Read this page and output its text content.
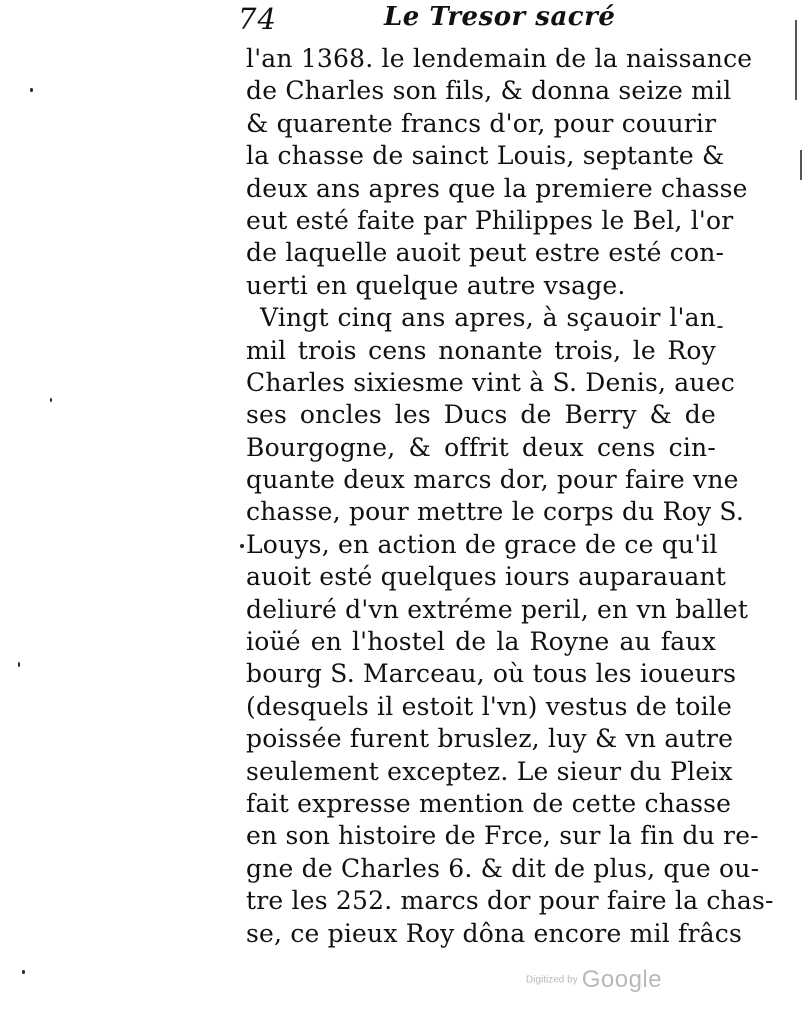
74	Le Tresor sacré
l'an 1368. le lendemain de la naissance
de Charles son fils, & donna seize mil
& quarente francs d'or, pour couurir
la chasse de sainct Louis, septante &
deux ans apres que la premiere chasse
eut esté faite par Philippes le Bel, l'or
de laquelle auoit peut estre esté con-
uerti en quelque autre vsage.
Vingt cinq ans apres, à sçauoir l'an
mil trois cens nonante trois, le Roy
Charles sixiesme vint à S. Denis, auec
ses oncles les Ducs de Berry & de
Bourgogne, & offrit deux cens cin-
quante deux marcs dor, pour faire vne
chasse, pour mettre le corps du Roy S.
Louys, en action de grace de ce qu'il
auoit esté quelques iours auparauant
deliuré d'vn extréme peril, en vn ballet
ioüé en l'hostel de la Royne au faux
bourg S. Marceau, où tous les ioueurs
(desquels il estoit l'vn) vestus de toile
poissée furent bruslez, luy & vn autre
seulement exceptez. Le sieur du Pleix
fait expresse mention de cette chasse
en son histoire de Frce, sur la fin du re-
gne de Charles 6. & dit de plus, que ou-
tre les 252. marcs dor pour faire la chas-
se, ce pieux Roy dôna encore mil frâcs
Digitized by Google
